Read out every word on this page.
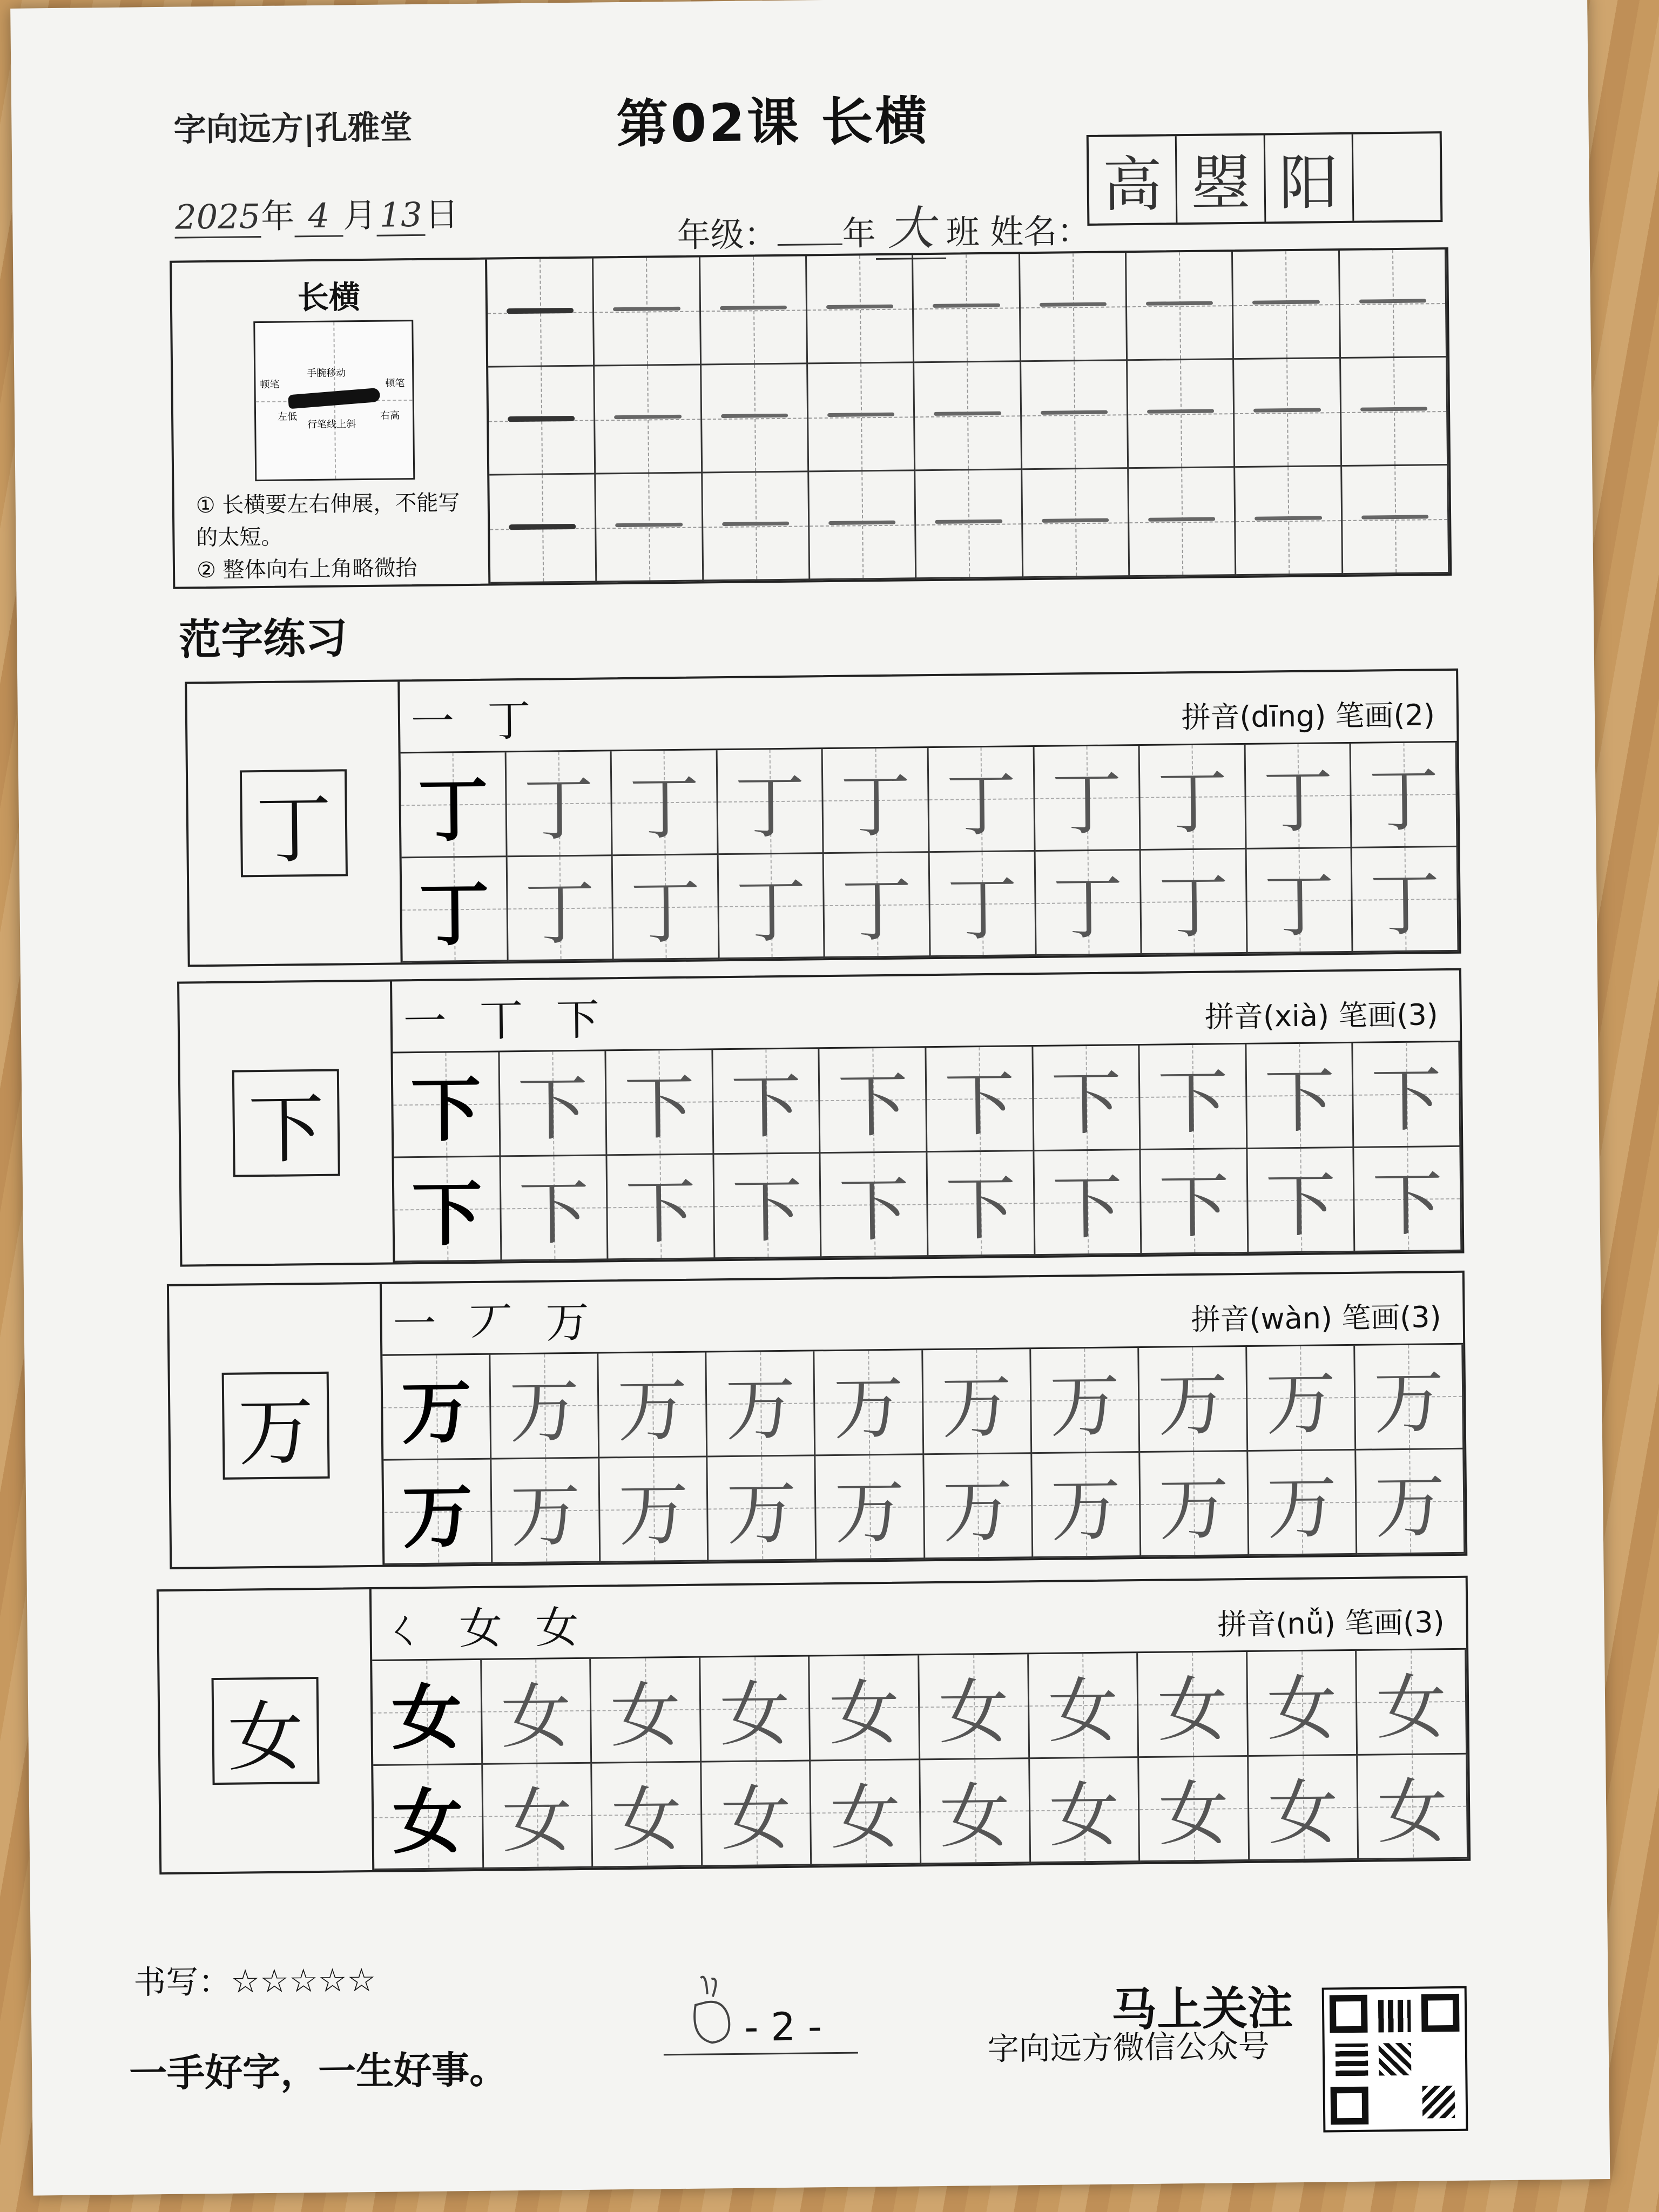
字向远方|孔雅堂	第02课 长横
2025年 4 月13日	年级： 年 大 班 姓名：
高 曌 阳
长横
顿笔
手腕移动
顿笔
左低
行笔线上斜
右高
① 长横要左右伸展，不能写的太短。
② 整体向右上角略微抬
范字练习
丁
一 丁	拼音(dīng) 笔画(2)
丁 丁 丁 丁 丁 丁 丁 丁 丁 丁
丁 丁 丁 丁 丁 丁 丁 丁 丁 丁
下
一 丅 下	拼音(xià) 笔画(3)
下 下 下 下 下 下 下 下 下 下
下 下 下 下 下 下 下 下 下 下
万
一 丆 万	拼音(wàn) 笔画(3)
万 万 万 万 万 万 万 万 万 万
万 万 万 万 万 万 万 万 万 万
女
ㄑ 女 女	拼音(nǚ) 笔画(3)
女 女 女 女 女 女 女 女 女 女
女 女 女 女 女 女 女 女 女 女
书写：☆☆☆☆☆
一手好字，一生好事。
- 2 -	马上关注
字向远方微信公众号
